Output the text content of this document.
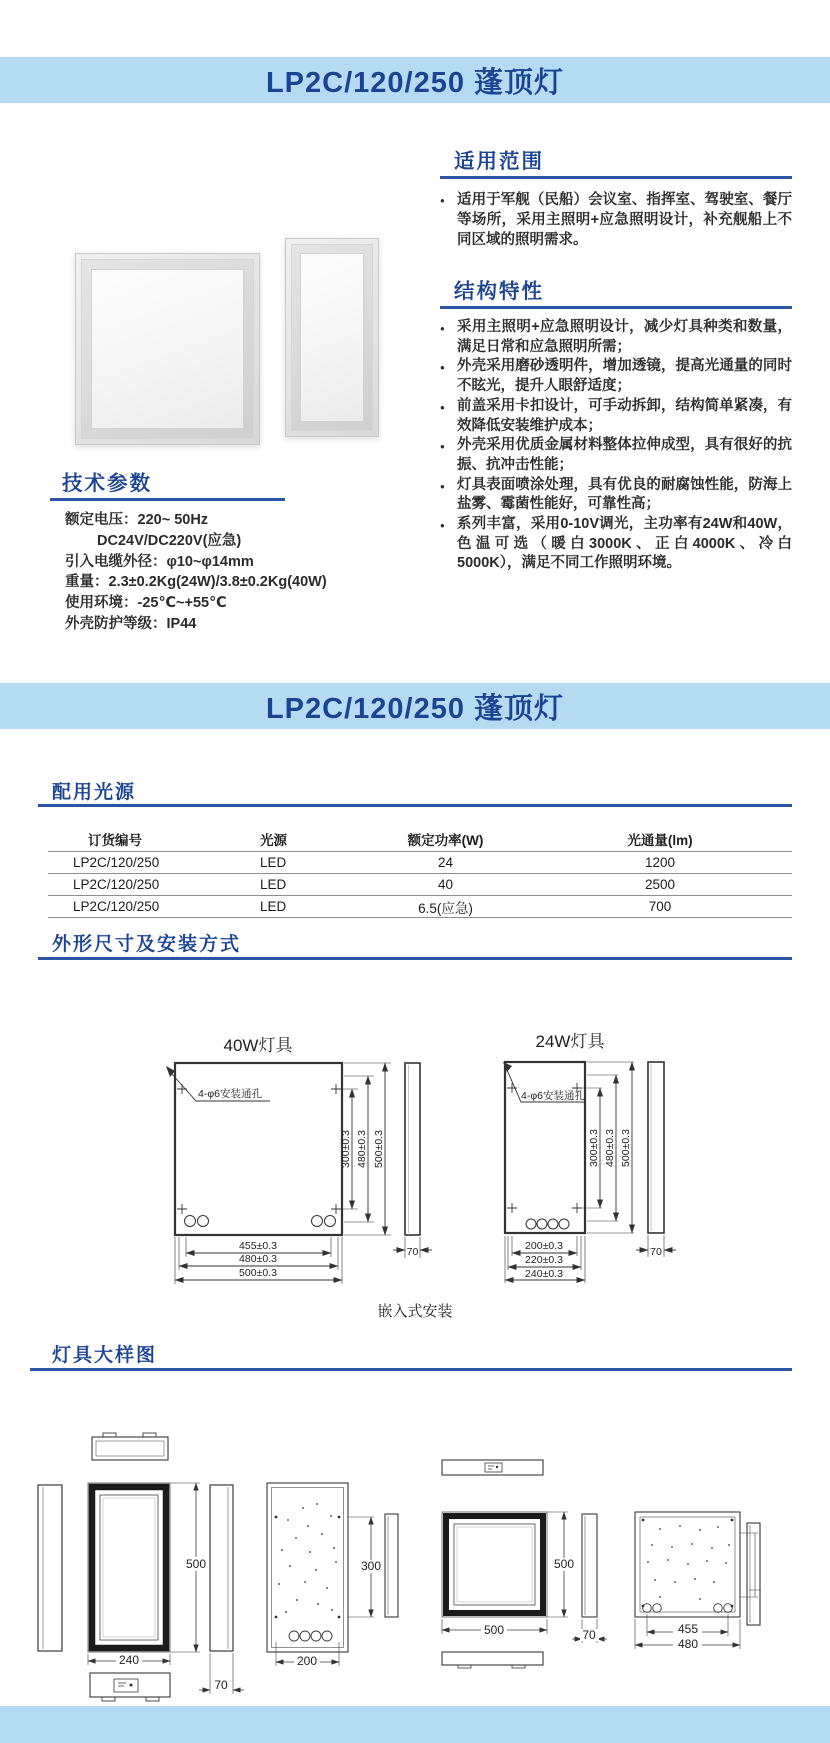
LP2C/120/250 蓬顶灯
适用范围
● 适用于军舰（民船）会议室、指挥室、驾驶室、餐厅等场所，采用主照明+应急照明设计，补充舰船上不同区域的照明需求。
结构特性
● 采用主照明+应急照明设计，减少灯具种类和数量，满足日常和应急照明所需；
● 外壳采用磨砂透明件，增加透镜，提高光通量的同时不眩光，提升人眼舒适度；
● 前盖采用卡扣设计，可手动拆卸，结构简单紧凑，有效降低安装维护成本；
● 外壳采用优质金属材料整体拉伸成型，具有很好的抗振、抗冲击性能；
● 灯具表面喷涂处理，具有优良的耐腐蚀性能，防海上盐雾、霉菌性能好，可靠性高；
● 系列丰富，采用0-10V调光，主功率有24W和40W，色温可选（暖白3000K、正白4000K、冷白5000K），满足不同工作照明环境。
技术参数
额定电压：220~ 50Hz
DC24V/DC220V(应急)
引入电缆外径：φ10~φ14mm
重量：2.3±0.2Kg(24W)/3.8±0.2Kg(40W)
使用环境：-25℃~+55℃
外壳防护等级：IP44
LP2C/120/250 蓬顶灯
配用光源
订货编号	光源	额定功率(W)	光通量(lm)
LP2C/120/250	LED	24	1200
LP2C/120/250	LED	40	2500
LP2C/120/250	LED	6.5(应急)	700
外形尺寸及安装方式
40W灯具
4-φ6安装通孔
300±0.3 480±0.3 500±0.3
455±0.3
480±0.3
500±0.3
70
24W灯具
4-φ6安装通孔
300±0.3 480±0.3 500±0.3
200±0.3
220±0.3
240±0.3
70
嵌入式安装
灯具大样图
500
240
70
200
300	500
500	70	455
480
